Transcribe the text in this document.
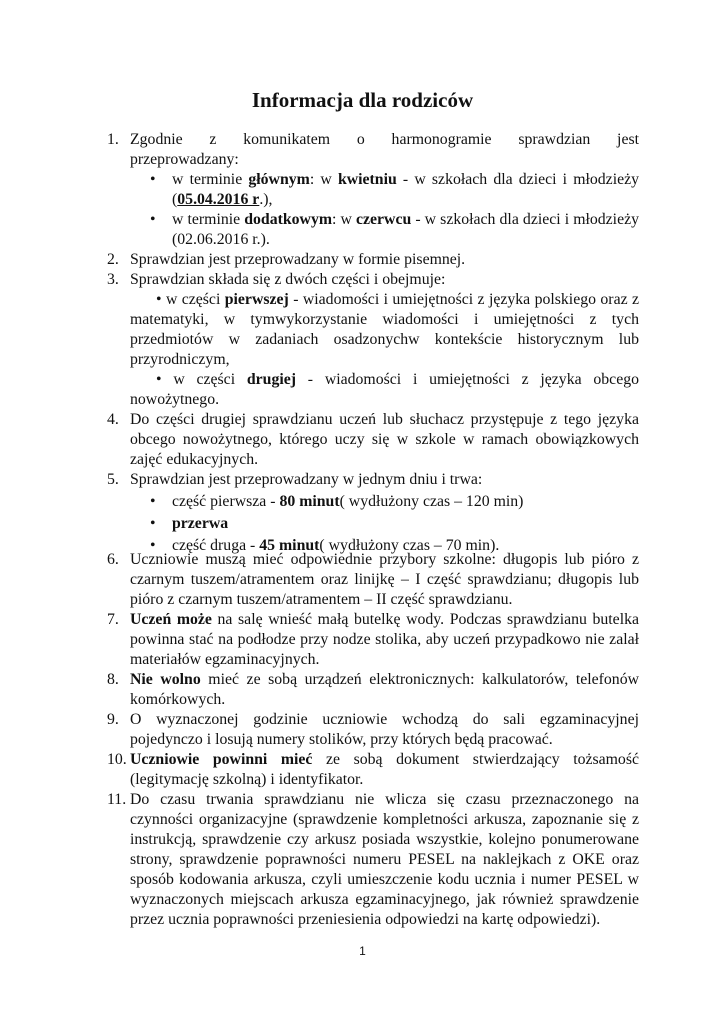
Informacja dla rodziców
1. Zgodnie z komunikatem o harmonogramie sprawdzian jest
przeprowadzany:
• w terminie głównym: w kwietniu - w szkołach dla dzieci i młodzieży (05.04.2016 r.),
• w terminie dodatkowym: w czerwcu - w szkołach dla dzieci i młodzieży (02.06.2016 r.).
2. Sprawdzian jest przeprowadzany w formie pisemnej.
3. Sprawdzian składa się z dwóch części i obejmuje:
• w części pierwszej - wiadomości i umiejętności z języka polskiego oraz z matematyki, w tymwykorzystanie wiadomości i umiejętności z tych przedmiotów w zadaniach osadzonychw kontekście historycznym lub przyrodniczym,
• w części drugiej - wiadomości i umiejętności z języka obcego nowożytnego.
4. Do części drugiej sprawdzianu uczeń lub słuchacz przystępuje z tego języka obcego nowożytnego, którego uczy się w szkole w ramach obowiązkowych zajęć edukacyjnych.
5. Sprawdzian jest przeprowadzany w jednym dniu i trwa:
• część pierwsza - 80 minut( wydłużony czas – 120 min)
• przerwa
• część druga - 45 minut( wydłużony czas – 70 min).
6. Uczniowie muszą mieć odpowiednie przybory szkolne: długopis lub pióro z czarnym tuszem/atramentem oraz linijkę – I część sprawdzianu; długopis lub pióro z czarnym tuszem/atramentem – II część sprawdzianu.
7. Uczeń może na salę wnieść małą butelkę wody. Podczas sprawdzianu butelka powinna stać na podłodze przy nodze stolika, aby uczeń przypadkowo nie zalał materiałów egzaminacyjnych.
8. Nie wolno mieć ze sobą urządzeń elektronicznych: kalkulatorów, telefonów komórkowych.
9. O wyznaczonej godzinie uczniowie wchodzą do sali egzaminacyjnej pojedynczo i losują numery stolików, przy których będą pracować.
10. Uczniowie powinni mieć ze sobą dokument stwierdzający tożsamość (legitymację szkolną) i identyfikator.
11. Do czasu trwania sprawdzianu nie wlicza się czasu przeznaczonego na czynności organizacyjne (sprawdzenie kompletności arkusza, zapoznanie się z instrukcją, sprawdzenie czy arkusz posiada wszystkie, kolejno ponumerowane strony, sprawdzenie poprawności numeru PESEL na naklejkach z OKE oraz sposób kodowania arkusza, czyli umieszczenie kodu ucznia i numer PESEL w wyznaczonych miejscach arkusza egzaminacyjnego, jak również sprawdzenie przez ucznia poprawności przeniesienia odpowiedzi na kartę odpowiedzi).
1
